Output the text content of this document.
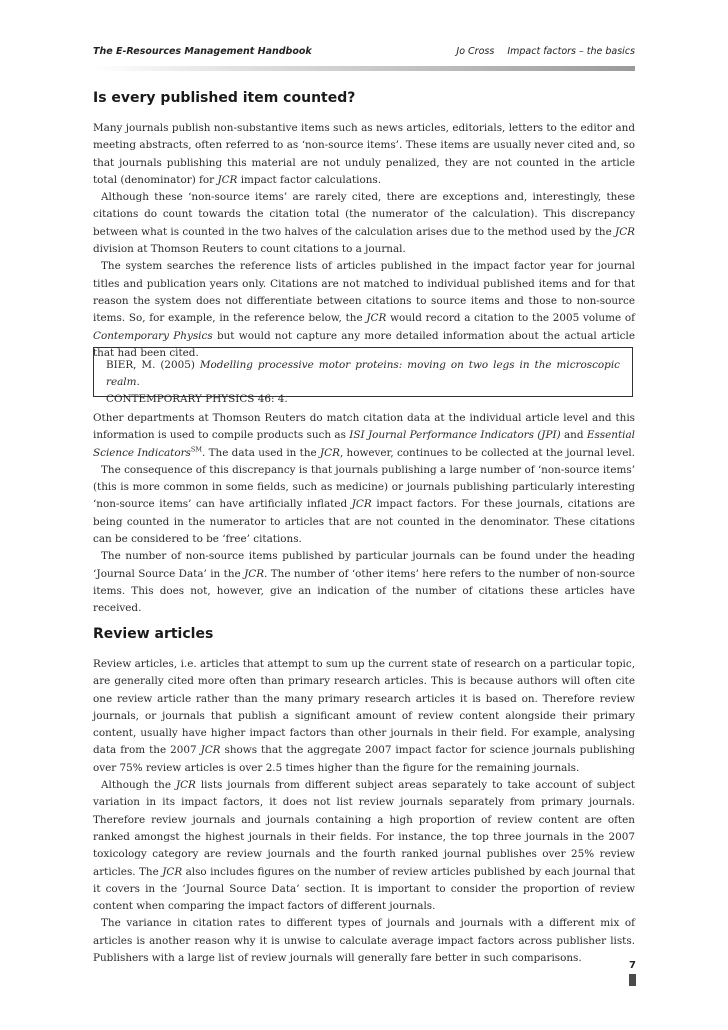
The E-Resources Management Handbook	Jo Cross Impact factors – the basics
Is every published item counted?

Many journals publish non-substantive items such as news articles, editorials, letters to the editor and meeting abstracts, often referred to as ‘non-source items’. These items are usually never cited and, so that journals publishing this material are not unduly penalized, they are not counted in the article total (denominator) for JCR impact factor calculations.

Although these ‘non-source items’ are rarely cited, there are exceptions and, interestingly, these citations do count towards the citation total (the numerator of the calculation). This discrepancy between what is counted in the two halves of the calculation arises due to the method used by the JCR division at Thomson Reuters to count citations to a journal.

The system searches the reference lists of articles published in the impact factor year for journal titles and publication years only. Citations are not matched to individual published items and for that reason the system does not differentiate between citations to source items and those to non-source items. So, for example, in the reference below, the JCR would record a citation to the 2005 volume of Contemporary Physics but would not capture any more detailed information about the actual article that had been cited.

BIER, M. (2005) Modelling processive motor proteins: moving on two legs in the microscopic realm.
CONTEMPORARY PHYSICS 46: 4.

Other departments at Thomson Reuters do match citation data at the individual article level and this information is used to compile products such as ISI Journal Performance Indicators (JPI) and Essential Science Indicators℠. The data used in the JCR, however, continues to be collected at the journal level.

The consequence of this discrepancy is that journals publishing a large number of ‘non-source items’ (this is more common in some fields, such as medicine) or journals publishing particularly interesting ‘non-source items’ can have artificially inflated JCR impact factors. For these journals, citations are being counted in the numerator to articles that are not counted in the denominator. These citations can be considered to be ‘free’ citations.

The number of non-source items published by particular journals can be found under the heading ‘Journal Source Data’ in the JCR. The number of ‘other items’ here refers to the number of non-source items. This does not, however, give an indication of the number of citations these articles have received.

Review articles

Review articles, i.e. articles that attempt to sum up the current state of research on a particular topic, are generally cited more often than primary research articles. This is because authors will often cite one review article rather than the many primary research articles it is based on. Therefore review journals, or journals that publish a significant amount of review content alongside their primary content, usually have higher impact factors than other journals in their field. For example, analysing data from the 2007 JCR shows that the aggregate 2007 impact factor for science journals publishing over 75% review articles is over 2.5 times higher than the figure for the remaining journals.

Although the JCR lists journals from different subject areas separately to take account of subject variation in its impact factors, it does not list review journals separately from primary journals. Therefore review journals and journals containing a high proportion of review content are often ranked amongst the highest journals in their fields. For instance, the top three journals in the 2007 toxicology category are review journals and the fourth ranked journal publishes over 25% review articles. The JCR also includes figures on the number of review articles published by each journal that it covers in the ‘Journal Source Data’ section. It is important to consider the proportion of review content when comparing the impact factors of different journals.

The variance in citation rates to different types of journals and journals with a different mix of articles is another reason why it is unwise to calculate average impact factors across publisher lists. Publishers with a large list of review journals will generally fare better in such comparisons.

7
